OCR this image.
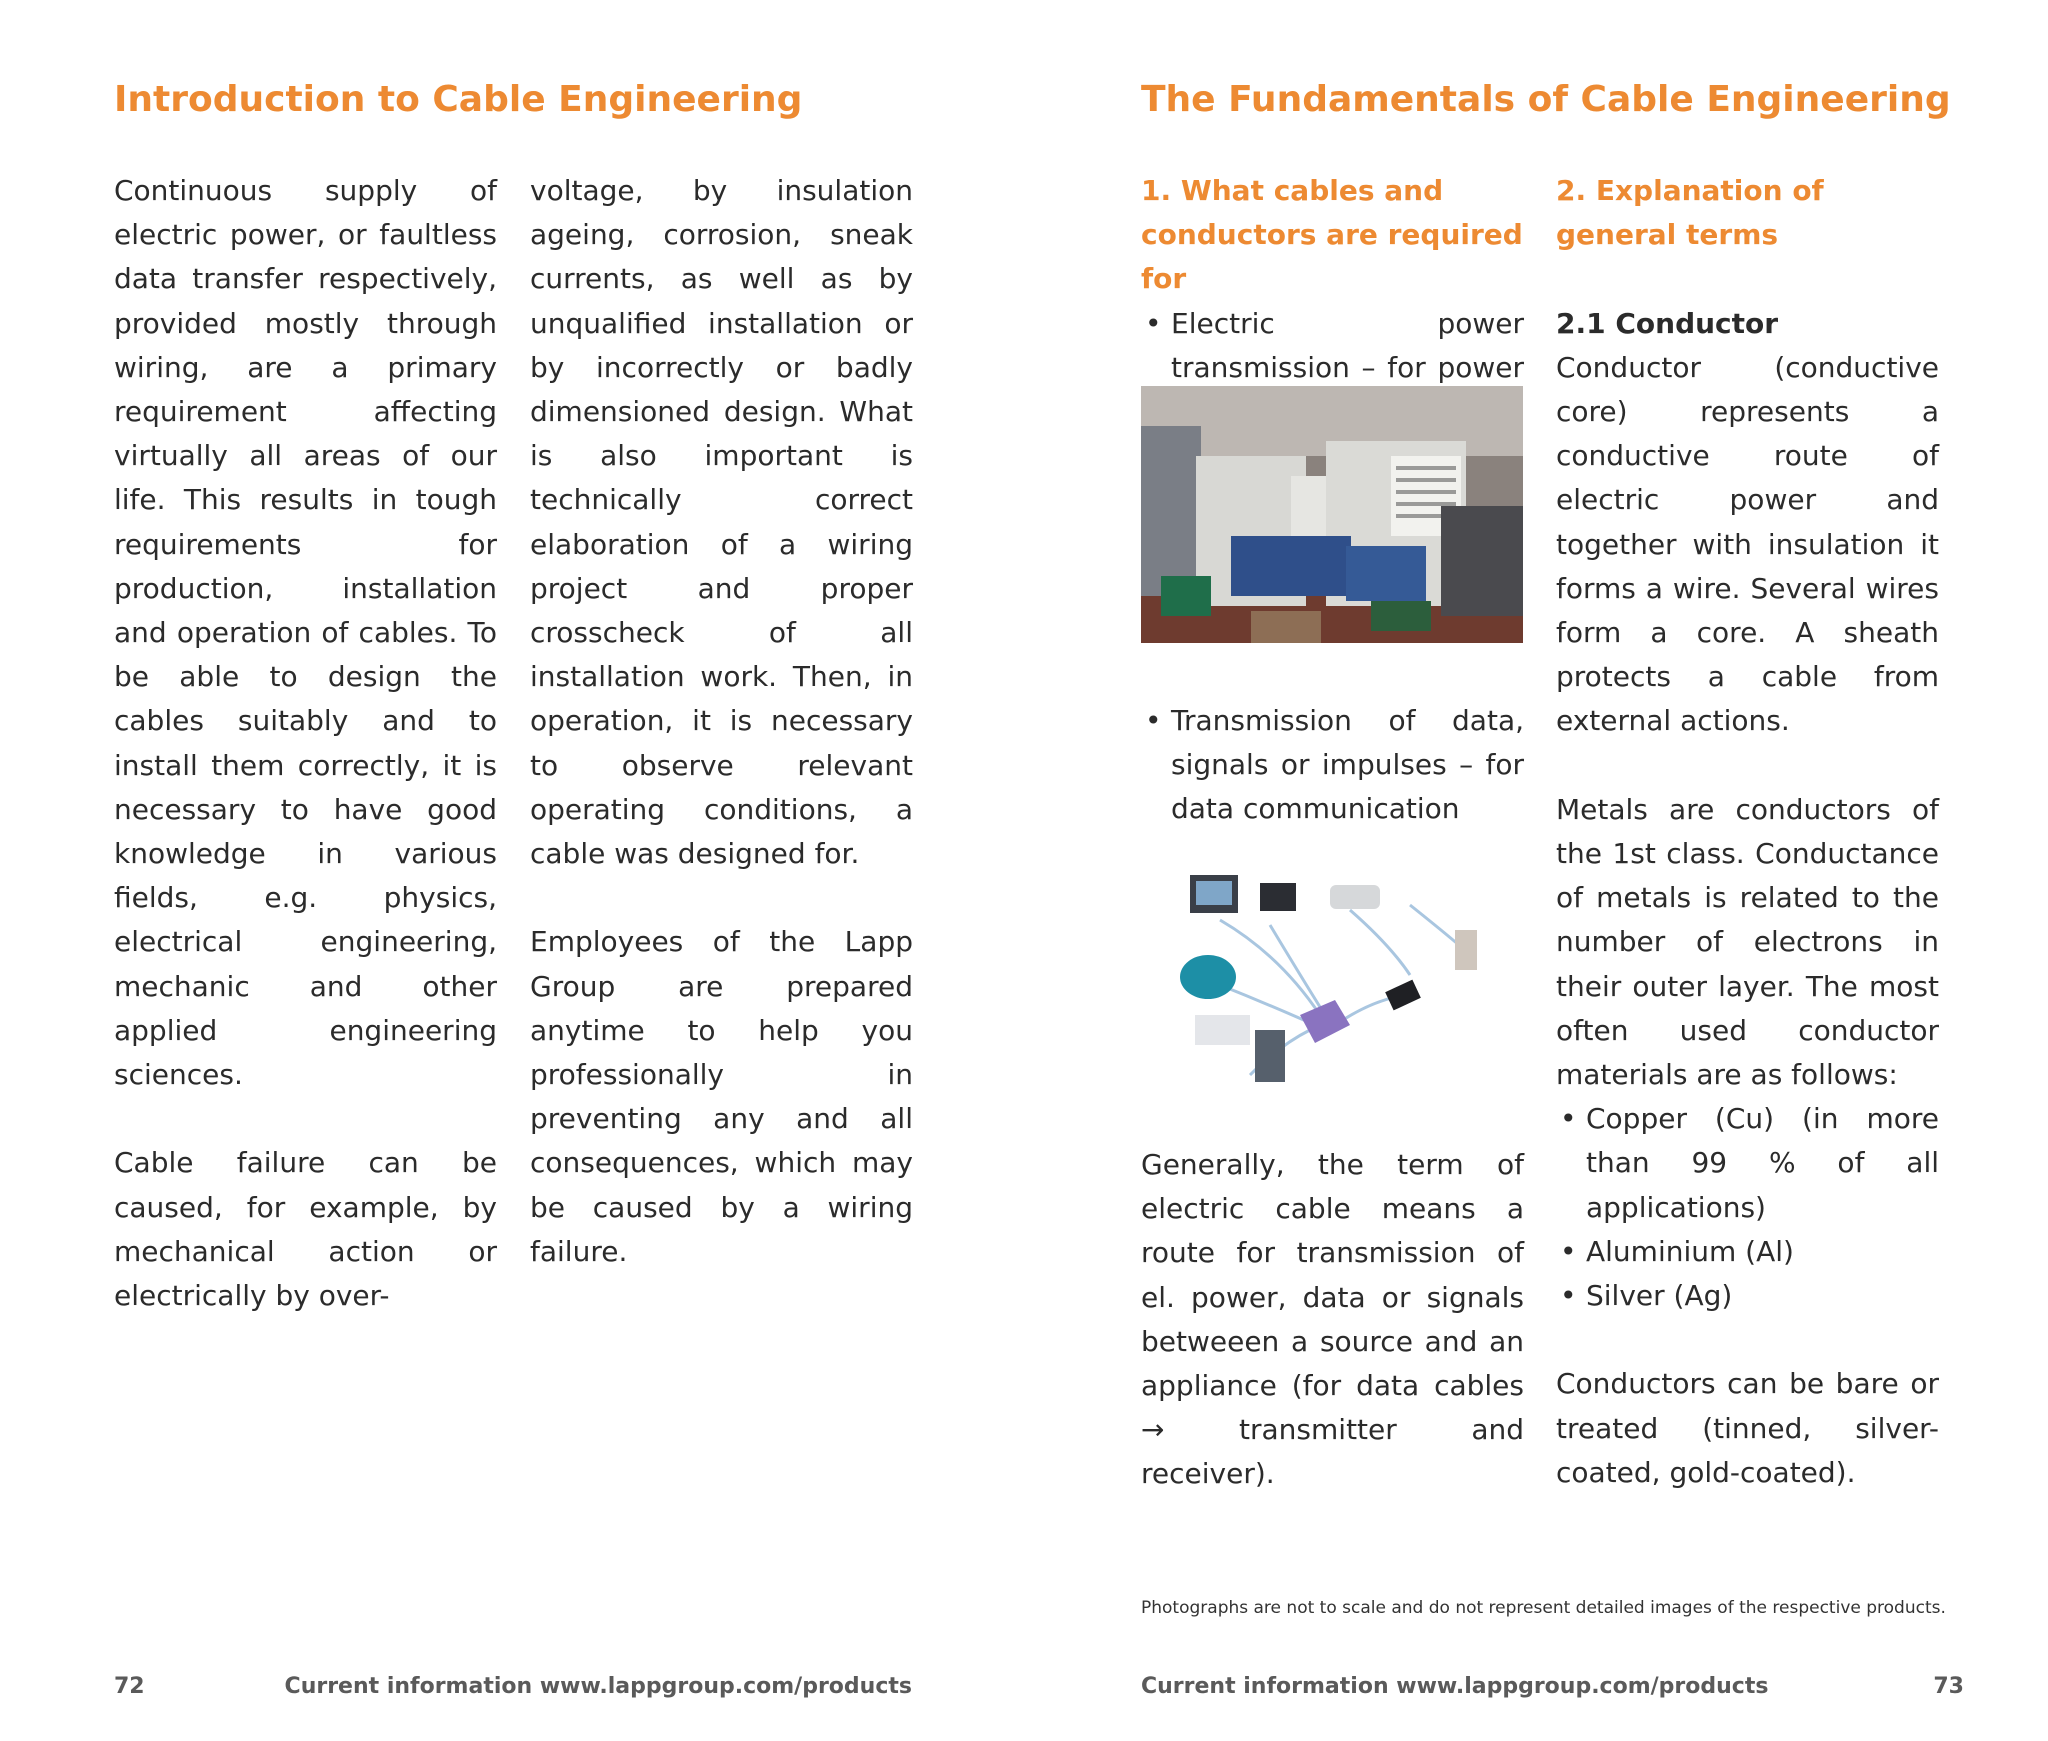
Introduction to Cable Engineering

Continuous supply of electric power, or faultless data transfer respectively, provided mostly through wiring, are a primary requirement affecting virtually all areas of our life. This results in tough requirements for production, installation and operation of cables. To be able to design the cables suitably and to install them correctly, it is necessary to have good knowledge in various fields, e.g. physics, electrical engineering, mechanic and other applied engineering sciences.

Cable failure can be caused, for example, by mechanical action or electrically by over-

voltage, by insulation ageing, corrosion, sneak currents, as well as by unqualified installation or by incorrectly or badly dimensioned design. What is also important is technically correct elaboration of a wiring project and proper crosscheck of all installation work. Then, in operation, it is necessary to observe relevant operating conditions, a cable was designed for.

Employees of the Lapp Group are prepared anytime to help you professionally in preventing any and all consequences, which may be caused by a wiring failure.

72	Current information www.lappgroup.com/products
The Fundamentals of Cable Engineering
Current information www.lappgroup.com/products	73
1. What cables and conductors are required for
• Electric power transmission – for power
• Transmission of data, signals or impulses – for data communication

Generally, the term of electric cable means a route for transmission of el. power, data or signals betweeen a source and an appliance (for data cables → transmitter and receiver).

2. Explanation of general terms
2.1 Conductor

Conductor (conductive core) represents a conductive route of electric power and together with insulation it forms a wire. Several wires form a core. A sheath protects a cable from external actions.

Metals are conductors of the 1st class. Conductance of metals is related to the number of electrons in their outer layer. The most often used conductor materials are as follows:

• Copper (Cu) (in more than 99 % of all applications)
• Aluminium (Al)
• Silver (Ag)

Conductors can be bare or treated (tinned, silver-coated, gold-coated).

Photographs are not to scale and do not represent detailed images of the respective products.
